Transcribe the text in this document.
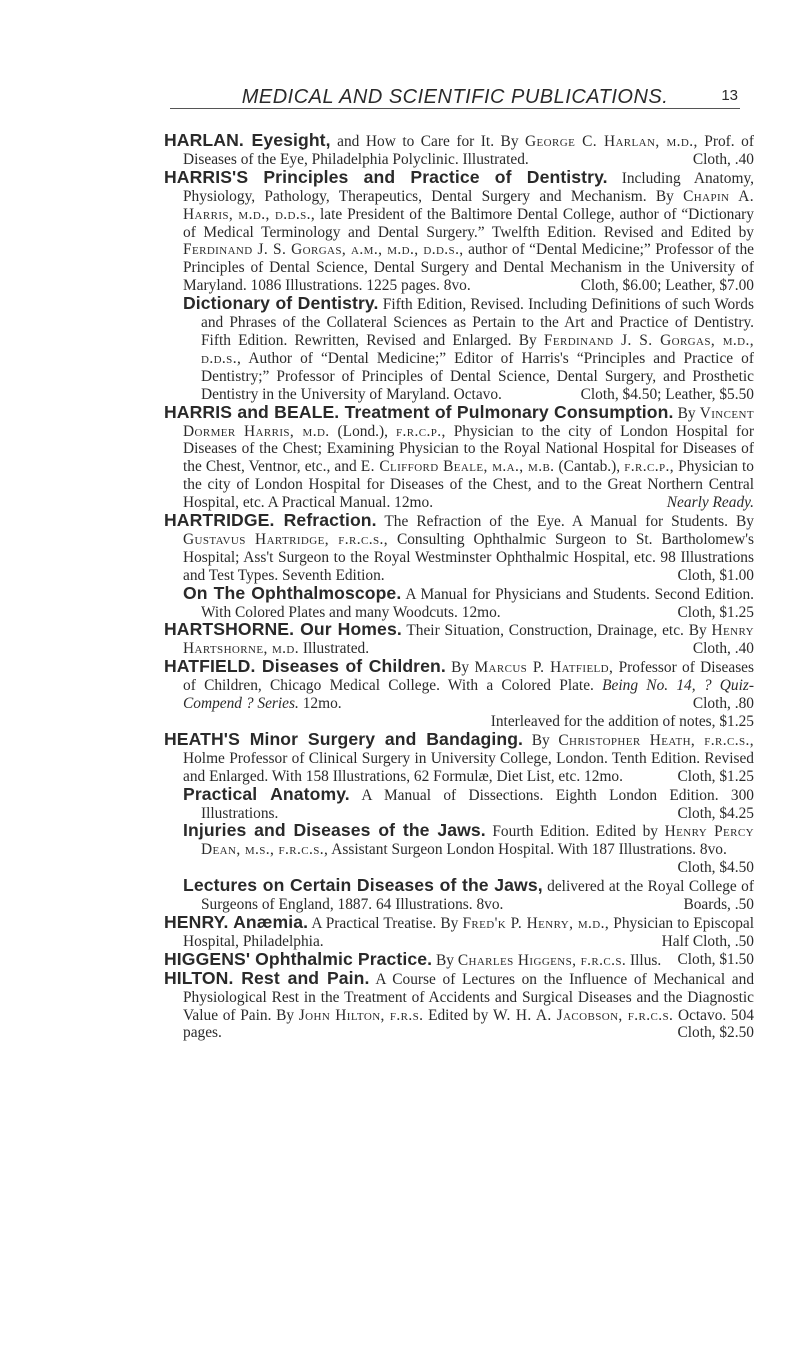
MEDICAL AND SCIENTIFIC PUBLICATIONS.	13

HARLAN. Eyesight, and How to Care for It. By George C. Harlan, m.d., Prof. of Diseases of the Eye, Philadelphia Polyclinic. Illustrated.	Cloth, .40

HARRIS'S Principles and Practice of Dentistry. Including Anatomy, Physiology, Pathology, Therapeutics, Dental Surgery and Mechanism. By Chapin A. Harris, m.d., d.d.s., late President of the Baltimore Dental College, author of “Dictionary of Medical Terminology and Dental Surgery.” Twelfth Edition. Revised and Edited by Ferdinand J. S. Gorgas, a.m., m.d., d.d.s., author of “Dental Medicine;” Professor of the Principles of Dental Science, Dental Surgery and Dental Mechanism in the University of Maryland. 1086 Illustrations. 1225 pages. 8vo.	Cloth, $6.00; Leather, $7.00

Dictionary of Dentistry. Fifth Edition, Revised. Including Definitions of such Words and Phrases of the Collateral Sciences as Pertain to the Art and Practice of Dentistry. Fifth Edition. Rewritten, Revised and Enlarged. By Ferdinand J. S. Gorgas, m.d., d.d.s., Author of “Dental Medicine;” Editor of Harris's “Principles and Practice of Dentistry;” Professor of Principles of Dental Science, Dental Surgery, and Prosthetic Dentistry in the University of Maryland. Octavo.	Cloth, $4.50; Leather, $5.50

HARRIS and BEALE. Treatment of Pulmonary Consumption. By Vincent Dormer Harris, m.d. (Lond.), f.r.c.p., Physician to the city of London Hospital for Diseases of the Chest; Examining Physician to the Royal National Hospital for Diseases of the Chest, Ventnor, etc., and E. Clifford Beale, m.a., m.b. (Cantab.), f.r.c.p., Physician to the city of London Hospital for Diseases of the Chest, and to the Great Northern Central Hospital, etc. A Practical Manual. 12mo.	Nearly Ready.

HARTRIDGE. Refraction. The Refraction of the Eye. A Manual for Students. By Gustavus Hartridge, f.r.c.s., Consulting Ophthalmic Surgeon to St. Bartholomew's Hospital; Ass't Surgeon to the Royal Westminster Ophthalmic Hospital, etc. 98 Illustrations and Test Types. Seventh Edition.	Cloth, $1.00

On The Ophthalmoscope. A Manual for Physicians and Students. Second Edition. With Colored Plates and many Woodcuts. 12mo.	Cloth, $1.25

HARTSHORNE. Our Homes. Their Situation, Construction, Drainage, etc. By Henry Hartshorne, m.d. Illustrated.	Cloth, .40

HATFIELD. Diseases of Children. By Marcus P. Hatfield, Professor of Diseases of Children, Chicago Medical College. With a Colored Plate. Being No. 14, ? Quiz-Compend ? Series. 12mo.	Cloth, .80
Interleaved for the addition of notes, $1.25

HEATH'S Minor Surgery and Bandaging. By Christopher Heath, f.r.c.s., Holme Professor of Clinical Surgery in University College, London. Tenth Edition. Revised and Enlarged. With 158 Illustrations, 62 Formulæ, Diet List, etc. 12mo.	Cloth, $1.25

Practical Anatomy. A Manual of Dissections. Eighth London Edition. 300 Illustrations.	Cloth, $4.25

Injuries and Diseases of the Jaws. Fourth Edition. Edited by Henry Percy Dean, m.s., f.r.c.s., Assistant Surgeon London Hospital. With 187 Illustrations. 8vo.
Cloth, $4.50

Lectures on Certain Diseases of the Jaws, delivered at the Royal College of Surgeons of England, 1887. 64 Illustrations. 8vo.	Boards, .50

HENRY. Anæmia. A Practical Treatise. By Fred'k P. Henry, m.d., Physician to Episcopal Hospital, Philadelphia.	Half Cloth, .50

HIGGENS' Ophthalmic Practice. By Charles Higgens, f.r.c.s. Illus. Cloth, $1.50

HILTON. Rest and Pain. A Course of Lectures on the Influence of Mechanical and Physiological Rest in the Treatment of Accidents and Surgical Diseases and the Diagnostic Value of Pain. By John Hilton, f.r.s. Edited by W. H. A. Jacobson, f.r.c.s. Octavo. 504 pages.	Cloth, $2.50
